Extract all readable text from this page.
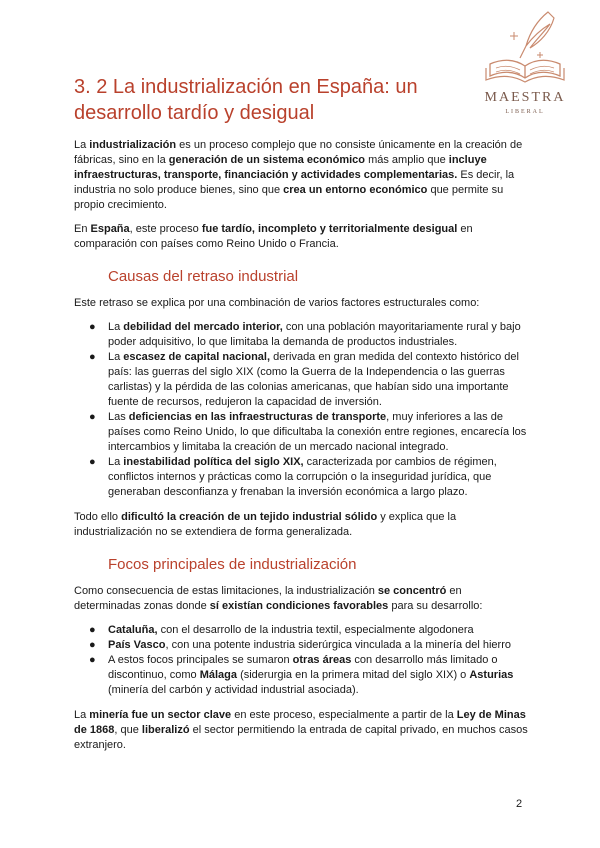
3. 2 La industrialización en España: un desarrollo tardío y desigual
MAESTRA
LIBERAL

La industrialización es un proceso complejo que no consiste únicamente en la creación de fábricas, sino en la generación de un sistema económico más amplio que incluye infraestructuras, transporte, financiación y actividades complementarias. Es decir, la industria no solo produce bienes, sino que crea un entorno económico que permite su propio crecimiento.

En España, este proceso fue tardío, incompleto y territorialmente desigual en comparación con países como Reino Unido o Francia.

Causas del retraso industrial

Este retraso se explica por una combinación de varios factores estructurales como:

● La debilidad del mercado interior, con una población mayoritariamente rural y bajo poder adquisitivo, lo que limitaba la demanda de productos industriales.
● La escasez de capital nacional, derivada en gran medida del contexto histórico del país: las guerras del siglo XIX (como la Guerra de la Independencia o las guerras carlistas) y la pérdida de las colonias americanas, que habían sido una importante fuente de recursos, redujeron la capacidad de inversión.
● Las deficiencias en las infraestructuras de transporte, muy inferiores a las de países como Reino Unido, lo que dificultaba la conexión entre regiones, encarecía los intercambios y limitaba la creación de un mercado nacional integrado.
● La inestabilidad política del siglo XIX, caracterizada por cambios de régimen, conflictos internos y prácticas como la corrupción o la inseguridad jurídica, que generaban desconfianza y frenaban la inversión económica a largo plazo.

Todo ello dificultó la creación de un tejido industrial sólido y explica que la industrialización no se extendiera de forma generalizada.

Focos principales de industrialización

Como consecuencia de estas limitaciones, la industrialización se concentró en determinadas zonas donde sí existían condiciones favorables para su desarrollo:

● Cataluña, con el desarrollo de la industria textil, especialmente algodonera
● País Vasco, con una potente industria siderúrgica vinculada a la minería del hierro
● A estos focos principales se sumaron otras áreas con desarrollo más limitado o discontinuo, como Málaga (siderurgia en la primera mitad del siglo XIX) o Asturias (minería del carbón y actividad industrial asociada).

La minería fue un sector clave en este proceso, especialmente a partir de la Ley de Minas de 1868, que liberalizó el sector permitiendo la entrada de capital privado, en muchos casos extranjero.

2
